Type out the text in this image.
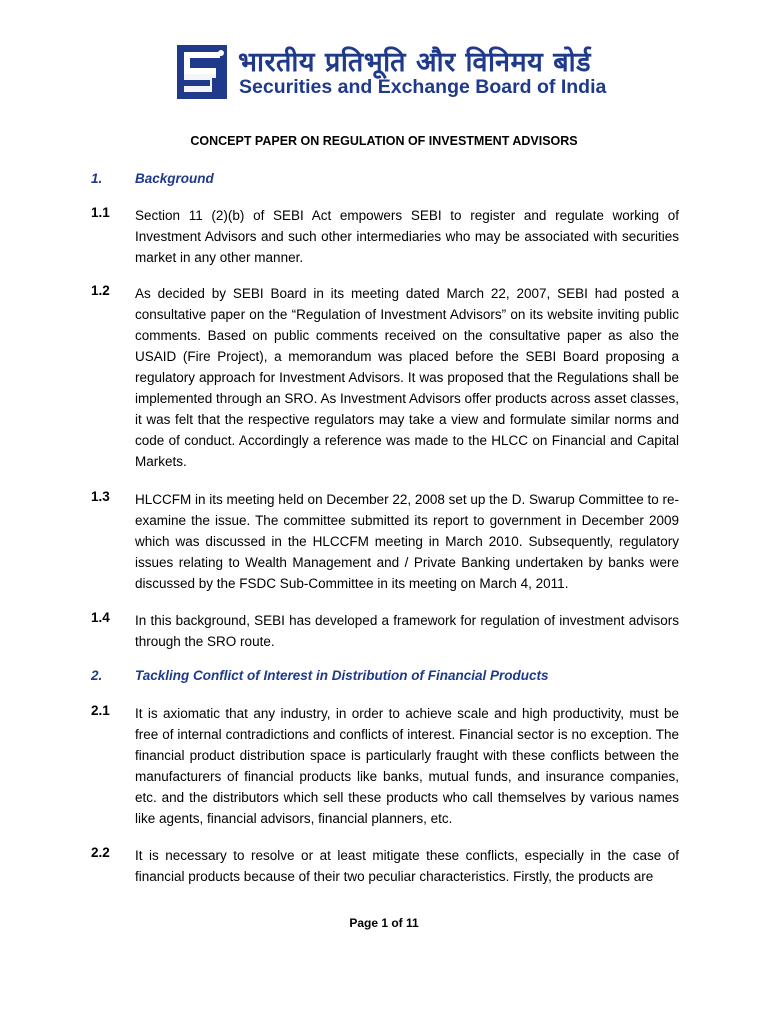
भारतीय प्रतिभूति और विनिमय बोर्ड
Securities and Exchange Board of India
CONCEPT PAPER ON REGULATION OF INVESTMENT ADVISORS
1. Background
1.1 Section 11 (2)(b) of SEBI Act empowers SEBI to register and regulate working of Investment Advisors and such other intermediaries who may be associated with securities market in any other manner.
1.2 As decided by SEBI Board in its meeting dated March 22, 2007, SEBI had posted a consultative paper on the “Regulation of Investment Advisors” on its website inviting public comments. Based on public comments received on the consultative paper as also the USAID (Fire Project), a memorandum was placed before the SEBI Board proposing a regulatory approach for Investment Advisors. It was proposed that the Regulations shall be implemented through an SRO. As Investment Advisors offer products across asset classes, it was felt that the respective regulators may take a view and formulate similar norms and code of conduct. Accordingly a reference was made to the HLCC on Financial and Capital Markets.
1.3 HLCCFM in its meeting held on December 22, 2008 set up the D. Swarup Committee to re-examine the issue. The committee submitted its report to government in December 2009 which was discussed in the HLCCFM meeting in March 2010. Subsequently, regulatory issues relating to Wealth Management and / Private Banking undertaken by banks were discussed by the FSDC Sub-Committee in its meeting on March 4, 2011.
1.4 In this background, SEBI has developed a framework for regulation of investment advisors through the SRO route.
2. Tackling Conflict of Interest in Distribution of Financial Products
2.1 It is axiomatic that any industry, in order to achieve scale and high productivity, must be free of internal contradictions and conflicts of interest. Financial sector is no exception. The financial product distribution space is particularly fraught with these conflicts between the manufacturers of financial products like banks, mutual funds, and insurance companies, etc. and the distributors which sell these products who call themselves by various names like agents, financial advisors, financial planners, etc.
2.2 It is necessary to resolve or at least mitigate these conflicts, especially in the case of financial products because of their two peculiar characteristics. Firstly, the products are
Page 1 of 11
